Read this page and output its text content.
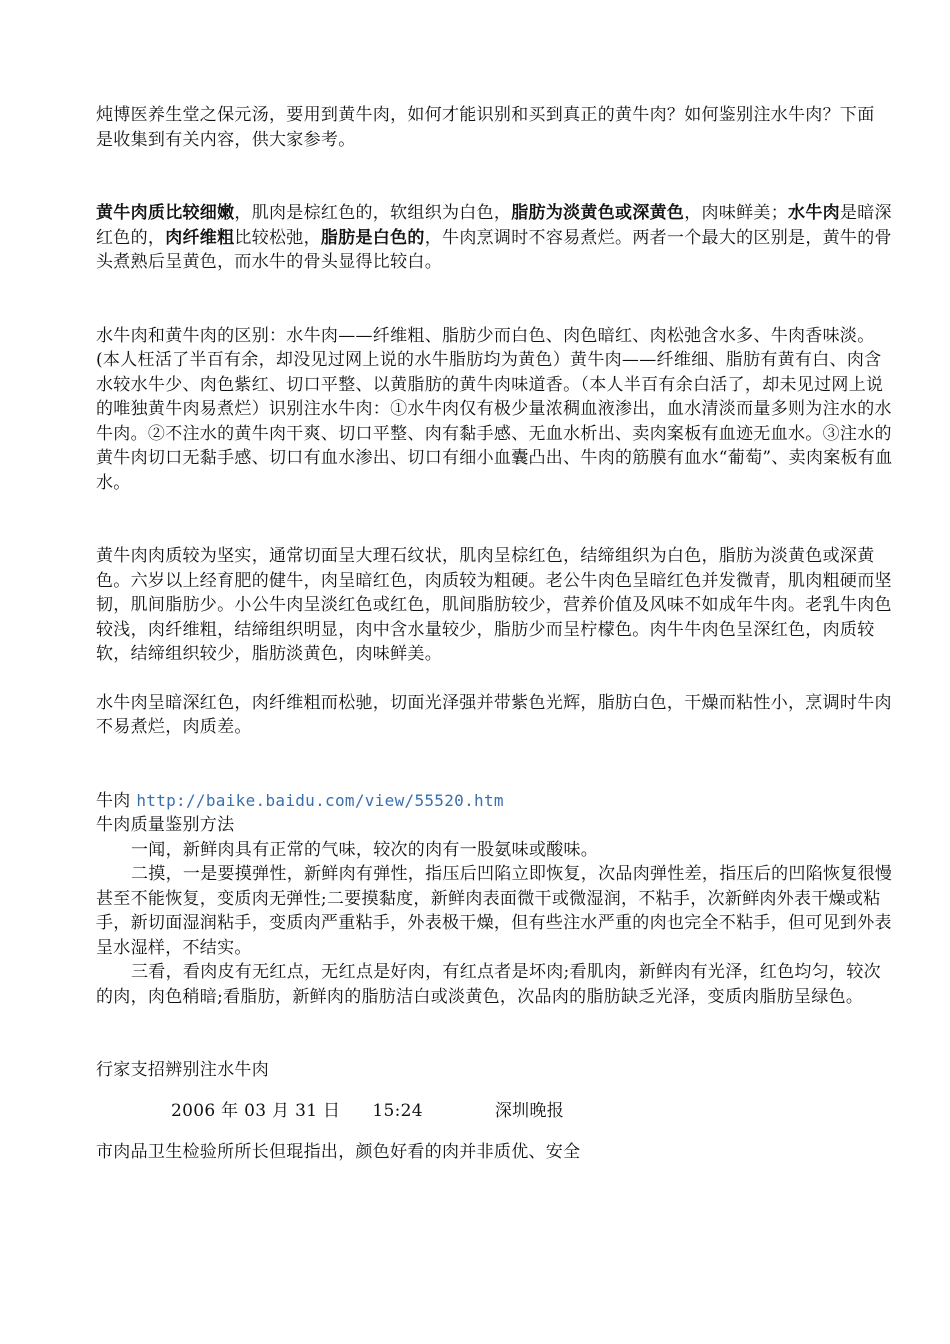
炖博医养生堂之保元汤，要用到黄牛肉，如何才能识别和买到真正的黄牛肉？如何鉴别注水牛肉？下面是收集到有关内容，供大家参考。

黄牛肉质比较细嫩，肌肉是棕红色的，软组织为白色，脂肪为淡黄色或深黄色，肉味鲜美；水牛肉是暗深红色的，肉纤维粗比较松弛，脂肪是白色的，牛肉烹调时不容易煮烂。两者一个最大的区别是，黄牛的骨头煮熟后呈黄色，而水牛的骨头显得比较白。

水牛肉和黄牛肉的区别：水牛肉——纤维粗、脂肪少而白色、肉色暗红、肉松弛含水多、牛肉香味淡。(本人枉活了半百有余，却没见过网上说的水牛脂肪均为黄色）黄牛肉——纤维细、脂肪有黄有白、肉含水较水牛少、肉色紫红、切口平整、以黄脂肪的黄牛肉味道香。（本人半百有余白活了，却未见过网上说的唯独黄牛肉易煮烂）识别注水牛肉：①水牛肉仅有极少量浓稠血液渗出，血水清淡而量多则为注水的水牛肉。②不注水的黄牛肉干爽、切口平整、肉有黏手感、无血水析出、卖肉案板有血迹无血水。③注水的黄牛肉切口无黏手感、切口有血水渗出、切口有细小血囊凸出、牛肉的筋膜有血水“葡萄”、卖肉案板有血水。

黄牛肉肉质较为坚实，通常切面呈大理石纹状，肌肉呈棕红色，结缔组织为白色，脂肪为淡黄色或深黄色。六岁以上经育肥的健牛，肉呈暗红色，肉质较为粗硬。老公牛肉色呈暗红色并发微青，肌肉粗硬而坚韧，肌间脂肪少。小公牛肉呈淡红色或红色，肌间脂肪较少，营养价值及风味不如成年牛肉。老乳牛肉色较浅，肉纤维粗，结缔组织明显，肉中含水量较少，脂肪少而呈柠檬色。肉牛牛肉色呈深红色，肉质较软，结缔组织较少，脂肪淡黄色，肉味鲜美。

水牛肉呈暗深红色，肉纤维粗而松驰，切面光泽强并带紫色光辉，脂肪白色，干燥而粘性小，烹调时牛肉不易煮烂，肉质差。

牛肉 http://baike.baidu.com/view/55520.htm

牛肉质量鉴别方法

一闻，新鲜肉具有正常的气味，较次的肉有一股氨味或酸味。

二摸，一是要摸弹性，新鲜肉有弹性，指压后凹陷立即恢复，次品肉弹性差，指压后的凹陷恢复很慢甚至不能恢复，变质肉无弹性;二要摸黏度，新鲜肉表面微干或微湿润，不粘手，次新鲜肉外表干燥或粘手，新切面湿润粘手，变质肉严重粘手，外表极干燥，但有些注水严重的肉也完全不粘手，但可见到外表呈水湿样，不结实。

三看，看肉皮有无红点，无红点是好肉，有红点者是坏肉;看肌肉，新鲜肉有光泽，红色均匀，较次的肉，肉色稍暗;看脂肪，新鲜肉的脂肪洁白或淡黄色，次品肉的脂肪缺乏光泽，变质肉脂肪呈绿色。

行家支招辨别注水牛肉

2006 年 03 月 31 日 15:24	深圳晚报

市肉品卫生检验所所长但琨指出，颜色好看的肉并非质优、安全
